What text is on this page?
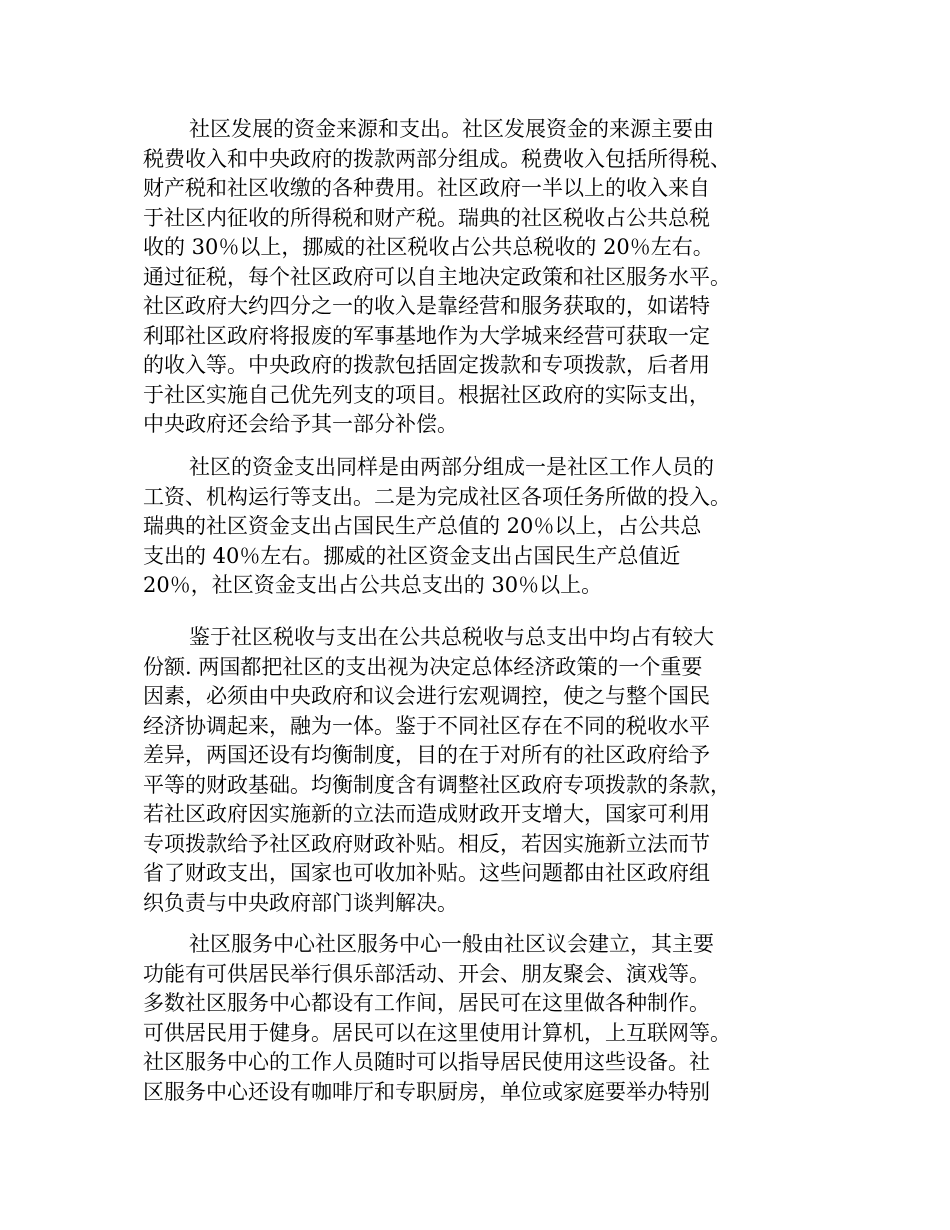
社区发展的资金来源和支出。社区发展资金的来源主要由
税费收入和中央政府的拨款两部分组成。税费收入包括所得税、
财产税和社区收缴的各种费用。社区政府一半以上的收入来自
于社区内征收的所得税和财产税。瑞典的社区税收占公共总税
收的 30％以上，挪威的社区税收占公共总税收的 20％左右。
通过征税，每个社区政府可以自主地决定政策和社区服务水平。
社区政府大约四分之一的收入是靠经营和服务获取的，如诺特
利耶社区政府将报废的军事基地作为大学城来经营可获取一定
的收入等。中央政府的拨款包括固定拨款和专项拨款，后者用
于社区实施自己优先列支的项目。根据社区政府的实际支出，
中央政府还会给予其一部分补偿。
社区的资金支出同样是由两部分组成一是社区工作人员的
工资、机构运行等支出。二是为完成社区各项任务所做的投入。
瑞典的社区资金支出占国民生产总值的 20％以上，占公共总
支出的 40％左右。挪威的社区资金支出占国民生产总值近
20％，社区资金支出占公共总支出的 30％以上。
鉴于社区税收与支出在公共总税收与总支出中均占有较大
份额. 两国都把社区的支出视为决定总体经济政策的一个重要
因素，必须由中央政府和议会进行宏观调控，使之与整个国民
经济协调起来，融为一体。鉴于不同社区存在不同的税收水平
差异，两国还设有均衡制度，目的在于对所有的社区政府给予
平等的财政基础。均衡制度含有调整社区政府专项拨款的条款，
若社区政府因实施新的立法而造成财政开支增大，国家可利用
专项拨款给予社区政府财政补贴。相反，若因实施新立法而节
省了财政支出，国家也可收加补贴。这些问题都由社区政府组
织负责与中央政府部门谈判解决。
社区服务中心社区服务中心一般由社区议会建立，其主要
功能有可供居民举行俱乐部活动、开会、朋友聚会、演戏等。
多数社区服务中心都设有工作间，居民可在这里做各种制作。
可供居民用于健身。居民可以在这里使用计算机，上互联网等。
社区服务中心的工作人员随时可以指导居民使用这些设备。社
区服务中心还设有咖啡厅和专职厨房，单位或家庭要举办特别
